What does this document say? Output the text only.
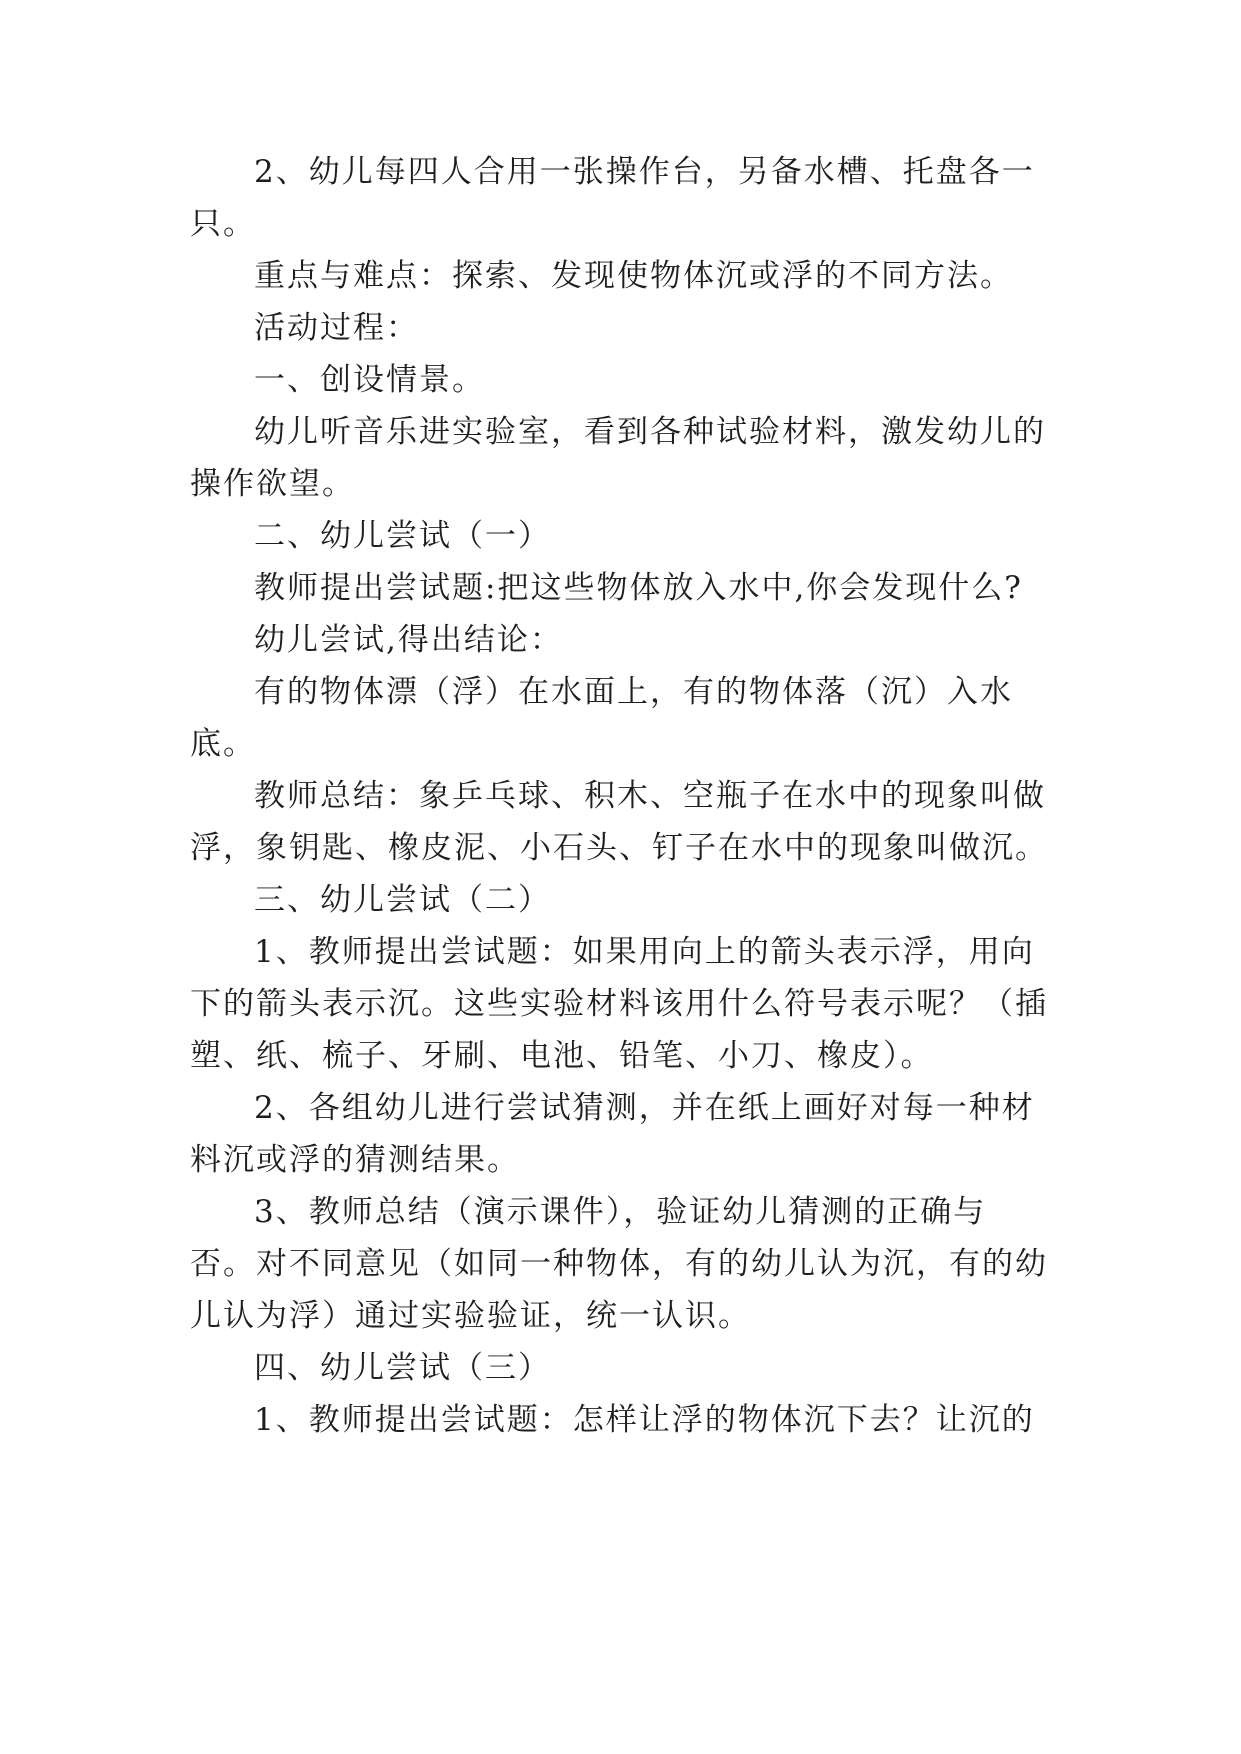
2、幼儿每四人合用一张操作台，另备水槽、托盘各一只。

重点与难点：探索、发现使物体沉或浮的不同方法。

活动过程：

一、创设情景。

幼儿听音乐进实验室，看到各种试验材料，激发幼儿的操作欲望。

二、幼儿尝试（一）

教师提出尝试题:把这些物体放入水中,你会发现什么?

幼儿尝试,得出结论：

有的物体漂（浮）在水面上，有的物体落（沉）入水底。

教师总结：象乒乓球、积木、空瓶子在水中的现象叫做浮，象钥匙、橡皮泥、小石头、钉子在水中的现象叫做沉。

三、幼儿尝试（二）

1、教师提出尝试题：如果用向上的箭头表示浮，用向下的箭头表示沉。这些实验材料该用什么符号表示呢？（插塑、纸、梳子、牙刷、电池、铅笔、小刀、橡皮）。

2、各组幼儿进行尝试猜测，并在纸上画好对每一种材料沉或浮的猜测结果。

3、教师总结（演示课件），验证幼儿猜测的正确与否。对不同意见（如同一种物体，有的幼儿认为沉，有的幼儿认为浮）通过实验验证，统一认识。

四、幼儿尝试（三）

1、教师提出尝试题：怎样让浮的物体沉下去？让沉的
